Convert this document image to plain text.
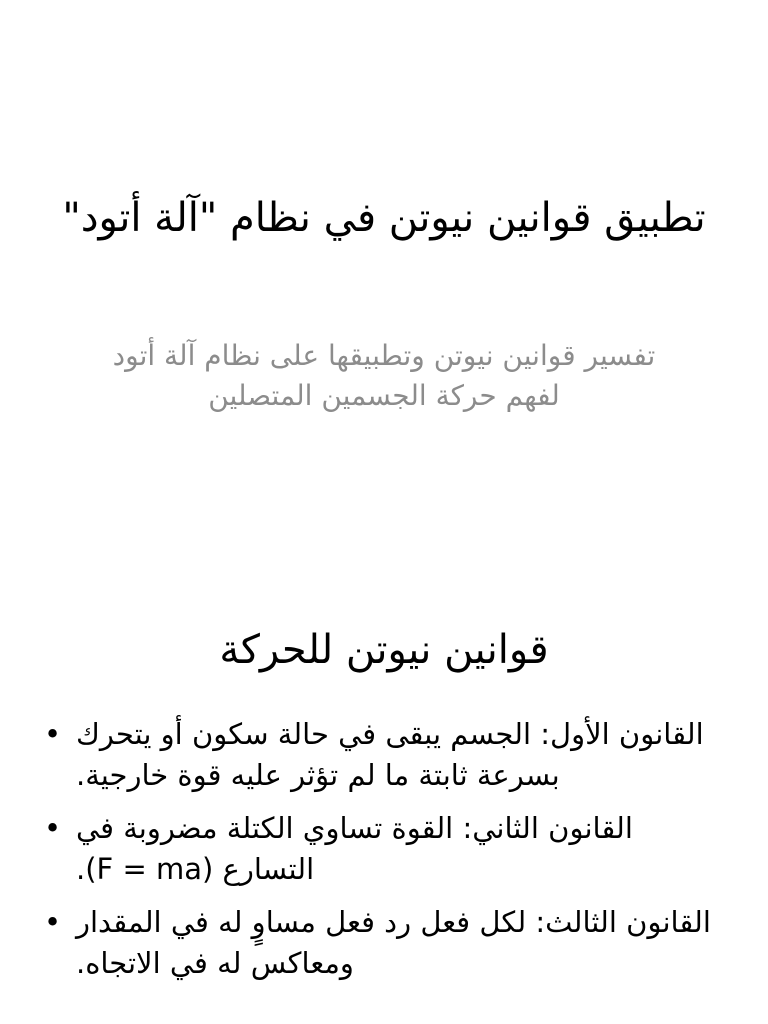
تطبيق قوانين نيوتن في نظام "آلة أتود"

تفسير قوانين نيوتن وتطبيقها على نظام آلة أتود لفهم حركة الجسمين المتصلين

قوانين نيوتن للحركة
• القانون الأول: الجسم يبقى في حالة سكون أو يتحرك بسرعة ثابتة ما لم تؤثر عليه قوة خارجية.
• القانون الثاني: القوة تساوي الكتلة مضروبة في التسارع (F = ma).
• القانون الثالث: لكل فعل رد فعل مساوٍ له في المقدار ومعاكس له في الاتجاه.
